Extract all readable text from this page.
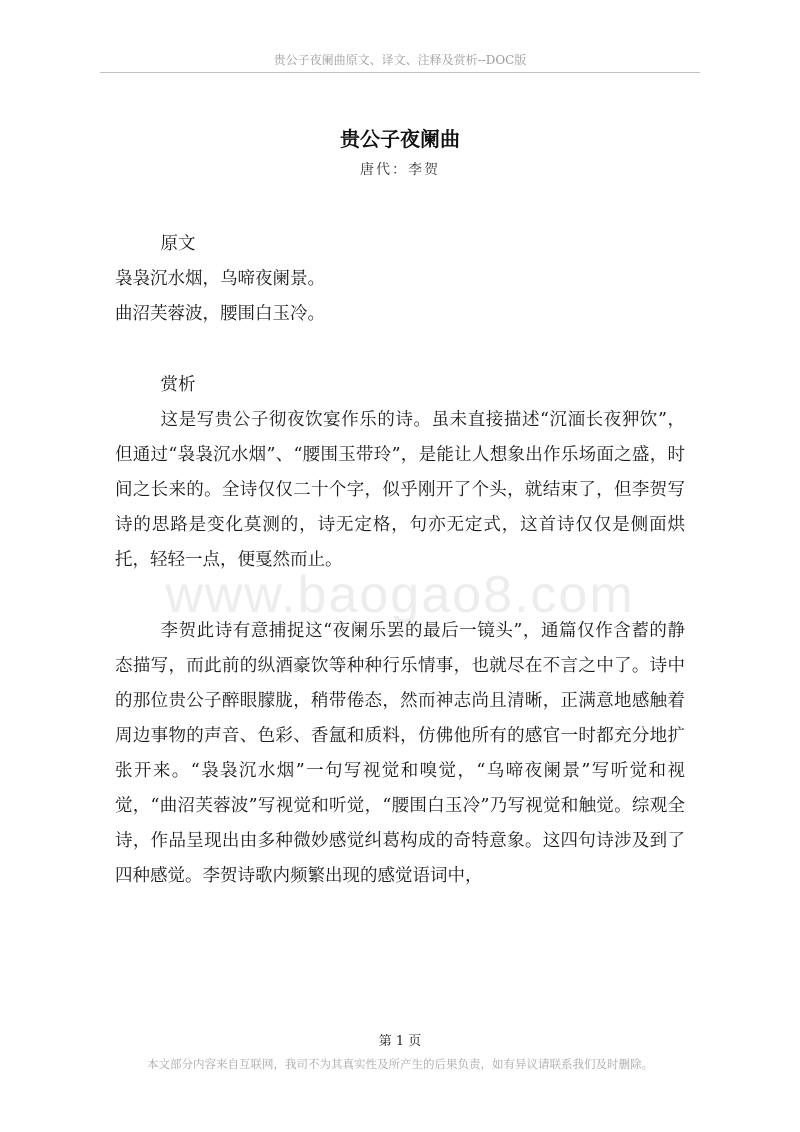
贵公子夜阑曲原文、译文、注释及赏析--DOC版
贵公子夜阑曲
唐代：李贺

原文

袅袅沉水烟，乌啼夜阑景。

曲沼芙蓉波，腰围白玉冷。

赏析

这是写贵公子彻夜饮宴作乐的诗。虽未直接描述“沉湎长夜狎饮”，但通过“袅袅沉水烟”、“腰围玉带玲”，是能让人想象出作乐场面之盛，时间之长来的。全诗仅仅二十个字，似乎刚开了个头，就结束了，但李贺写诗的思路是变化莫测的，诗无定格，句亦无定式，这首诗仅仅是侧面烘托，轻轻一点，便戛然而止。

李贺此诗有意捕捉这“夜阑乐罢的最后一镜头”，通篇仅作含蓄的静态描写，而此前的纵酒豪饮等种种行乐情事，也就尽在不言之中了。诗中的那位贵公子醉眼朦胧，稍带倦态，然而神志尚且清晰，正满意地感触着周边事物的声音、色彩、香氲和质料，仿佛他所有的感官一时都充分地扩张开来。“袅袅沉水烟”一句写视觉和嗅觉，“乌啼夜阑景”写听觉和视觉，“曲沼芙蓉波”写视觉和听觉，“腰围白玉冷”乃写视觉和触觉。综观全诗，作品呈现出由多种微妙感觉纠葛构成的奇特意象。这四句诗涉及到了四种感觉。李贺诗歌内频繁出现的感觉语词中，

www.baogao8.com
第 1 页
本文部分内容来自互联网，我司不为其真实性及所产生的后果负责，如有异议请联系我们及时删除。
